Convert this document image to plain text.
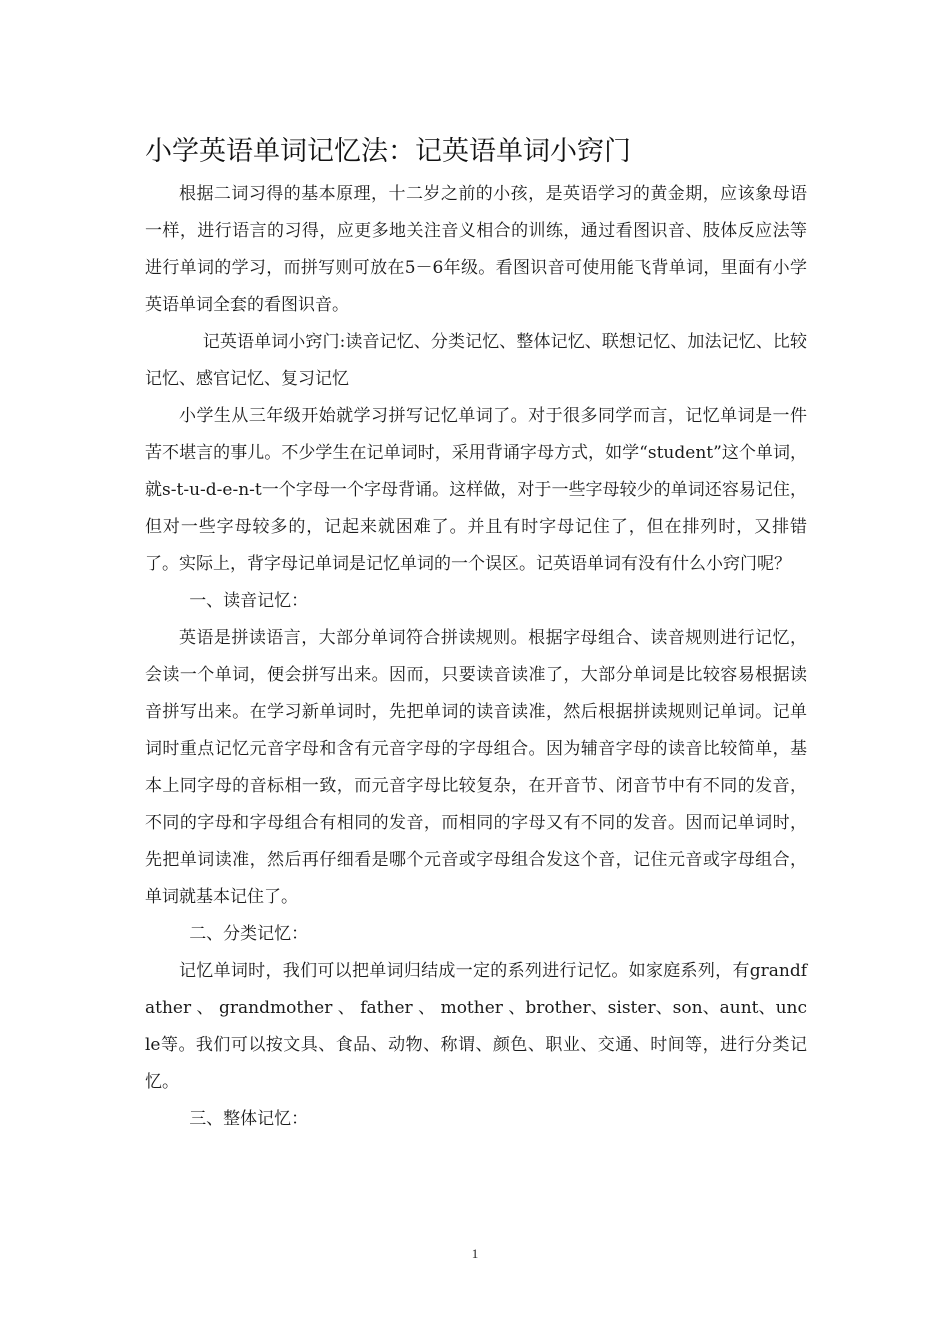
小学英语单词记忆法：记英语单词小窍门

根据二词习得的基本原理，十二岁之前的小孩，是英语学习的黄金期，应该象母语一样，进行语言的习得，应更多地关注音义相合的训练，通过看图识音、肢体反应法等进行单词的学习，而拼写则可放在5－6年级。看图识音可使用能飞背单词，里面有小学英语单词全套的看图识音。

记英语单词小窍门:读音记忆、分类记忆、整体记忆、联想记忆、加法记忆、比较记忆、感官记忆、复习记忆

小学生从三年级开始就学习拼写记忆单词了。对于很多同学而言，记忆单词是一件苦不堪言的事儿。不少学生在记单词时，采用背诵字母方式，如学“student”这个单词，就s-t-u-d-e-n-t一个字母一个字母背诵。这样做，对于一些字母较少的单词还容易记住，但对一些字母较多的，记起来就困难了。并且有时字母记住了，但在排列时，又排错了。实际上，背字母记单词是记忆单词的一个误区。记英语单词有没有什么小窍门呢？

一、读音记忆：

英语是拼读语言，大部分单词符合拼读规则。根据字母组合、读音规则进行记忆，会读一个单词，便会拼写出来。因而，只要读音读准了，大部分单词是比较容易根据读音拼写出来。在学习新单词时，先把单词的读音读准，然后根据拼读规则记单词。记单词时重点记忆元音字母和含有元音字母的字母组合。因为辅音字母的读音比较简单，基本上同字母的音标相一致，而元音字母比较复杂，在开音节、闭音节中有不同的发音，不同的字母和字母组合有相同的发音，而相同的字母又有不同的发音。因而记单词时，先把单词读准，然后再仔细看是哪个元音或字母组合发这个音，记住元音或字母组合，单词就基本记住了。

二、分类记忆：

记忆单词时，我们可以把单词归结成一定的系列进行记忆。如家庭系列，有grandfather 、 grandmother 、 father 、 mother 、brother、sister、son、aunt、uncle等。我们可以按文具、食品、动物、称谓、颜色、职业、交通、时间等，进行分类记忆。

三、整体记忆：

1
